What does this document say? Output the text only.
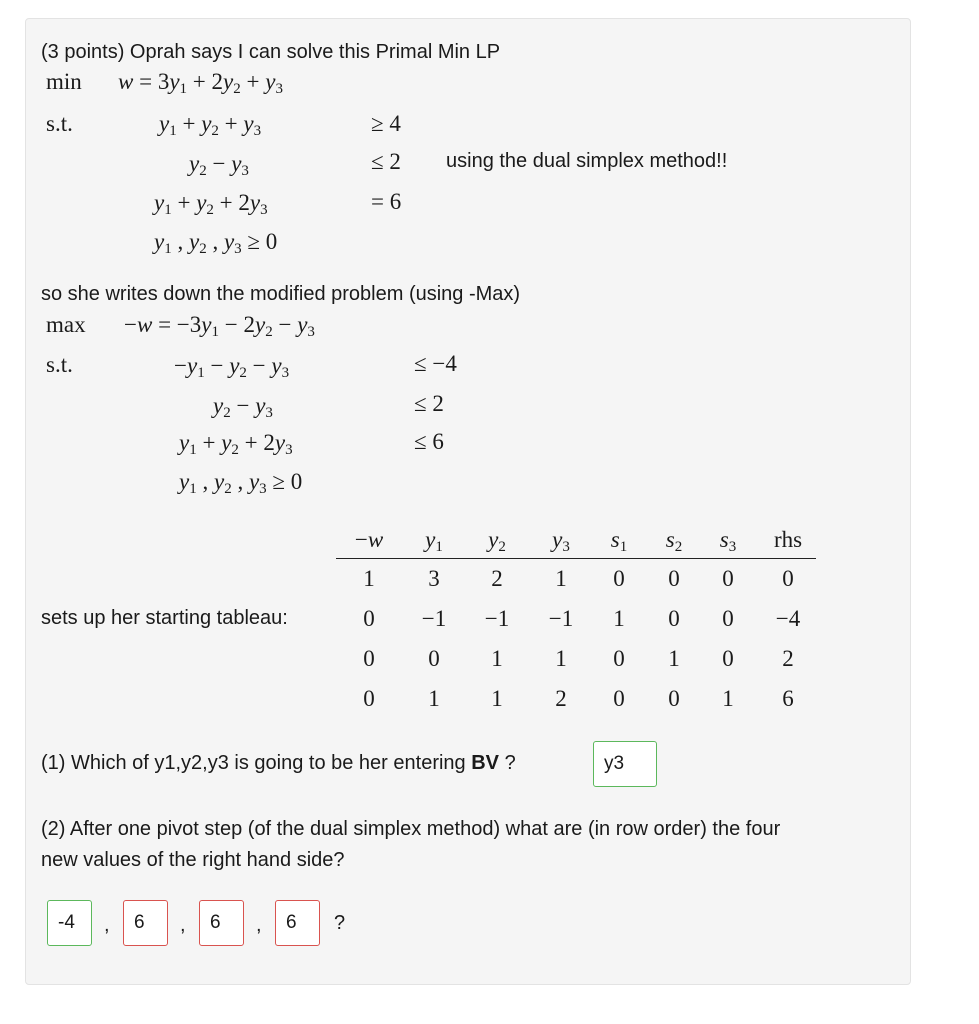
(3 points) Oprah says I can solve this Primal Min LP
$\min w = 3y_1 + 2y_2 + y_3$
s.t.	$y_1 + y_2 + y_3$	≥ 4
$y_2 - y_3$	≤ 2 using the dual simplex method!!
$y_1 + y_2 + 2y_3$	= 6
$y_1$ , $y_2$ , $y_3 \ge 0$
so she writes down the modified problem (using -Max)
$\max -w = -3y_1 - 2y_2 - y_3$
s.t.	$-y_1 - y_2 - y_3$	≤ −4
$y_2 - y_3$	≤ 2
$y_1 + y_2 + 2y_3$	≤ 6
$y_1$ , $y_2$ , $y_3 \ge 0$
sets up her starting tableau:
−w	$y_1$	$y_2$	$y_3$	$s_1$	$s_2$	$s_3$	rhs
1	3	2	1	0	0	0	0
0	−1	−1	−1	1	0	0	−4
0	0	1	1	0	1	0	2
0	1	1	2	0	0	1	6
(1) Which of y1,y2,y3 is going to be her entering BV ?	y3
(2) After one pivot step (of the dual simplex method) what are (in row order) the four
new values of the right hand side?
-4	,	6	,	6	,	6	?
